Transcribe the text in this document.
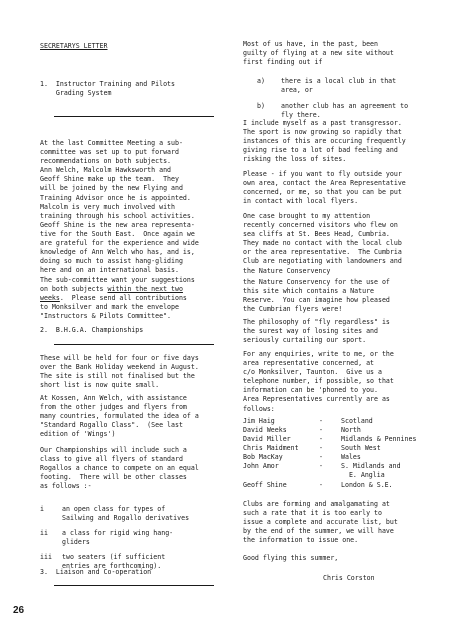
SECRETARYS LETTER
1.  Instructor Training and Pilots
Grading System
At the last Committee Meeting a sub-
committee was set up to put forward
recommendations on both subjects.
Ann Welch, Malcolm Hawksworth and
Geoff Shine make up the team.  They
will be joined by the new Flying and
Training Advisor once he is appointed.
Malcolm is very much involved with
training through his school activities.
Geoff Shine is the new area representa-
tive for the South East.  Once again we
are grateful for the experience and wide
knowledge of Ann Welch who has, and is,
doing so much to assist hang-gliding
here and on an international basis.
The sub-committee want your suggestions
on both subjects within the next two
weeks.  Please send all contributions
to Monksilver and mark the envelope
"Instructors & Pilots Committee".
2.  B.H.G.A. Championships
These will be held for four or five days
over the Bank Holiday weekend in August.
The site is still not finalised but the
short list is now quite small.
At Kossen, Ann Welch, with assistance
from the other judges and flyers from
many countries, formulated the idea of a
"Standard Rogallo Class".  (See last
edition of 'Wings')
Our Championships will include such a
class to give all flyers of standard
Rogallos a chance to compete on an equal
footing.  There will be other classes
as follows :-

i	an open class for types of
Sailwing and Rogallo derivatives

ii a class for rigid wing hang-
gliders

iii two seaters (if sufficient
entries are forthcoming).

3.  Liaison and Co-operation
Most of us have, in the past, been
guilty of flying at a new site without
first finding out if

a) there is a local club in that
area, or

b) another club has an agreement to
fly there.

I include myself as a past transgressor.
The sport is now growing so rapidly that
instances of this are occuring frequently
giving rise to a lot of bad feeling and
risking the loss of sites.
Please - if you want to fly outside your
own area, contact the Area Representative
concerned, or me, so that you can be put
in contact with local flyers.
One case brought to my attention
recently concerned visitors who flew on
sea cliffs at St. Bees Head, Cumbria.
They made no contact with the local club
or the area representative.  The Cumbria
Club are negotiating with landowners and
the Nature Conservency
the Nature Conservency for the use of
this site which contains a Nature
Reserve.  You can imagine how pleased
the Cumbrian flyers were!
The philosophy of "fly regardless" is
the surest way of losing sites and
seriously curtailing our sport.
For any enquiries, write to me, or the
area representative concerned, at
c/o Monksilver, Taunton.  Give us a
telephone number, if possible, so that
information can be 'phoned to you.
Area Representatives currently are as
follows:

Jim Haig	-	Scotland

David Weeks	-	North

David Miller	-	Midlands & Pennines

Chris Maidment	-	South West

Bob MacKay	-	Wales

John Amor	-	S. Midlands and
E. Anglia

Geoff Shine	-	London & S.E.

Clubs are forming and amalgamating at
such a rate that it is too early to
issue a complete and accurate list, but
by the end of the summer, we will have
the information to issue one.
Good flying this summer,
Chris Corston
26
